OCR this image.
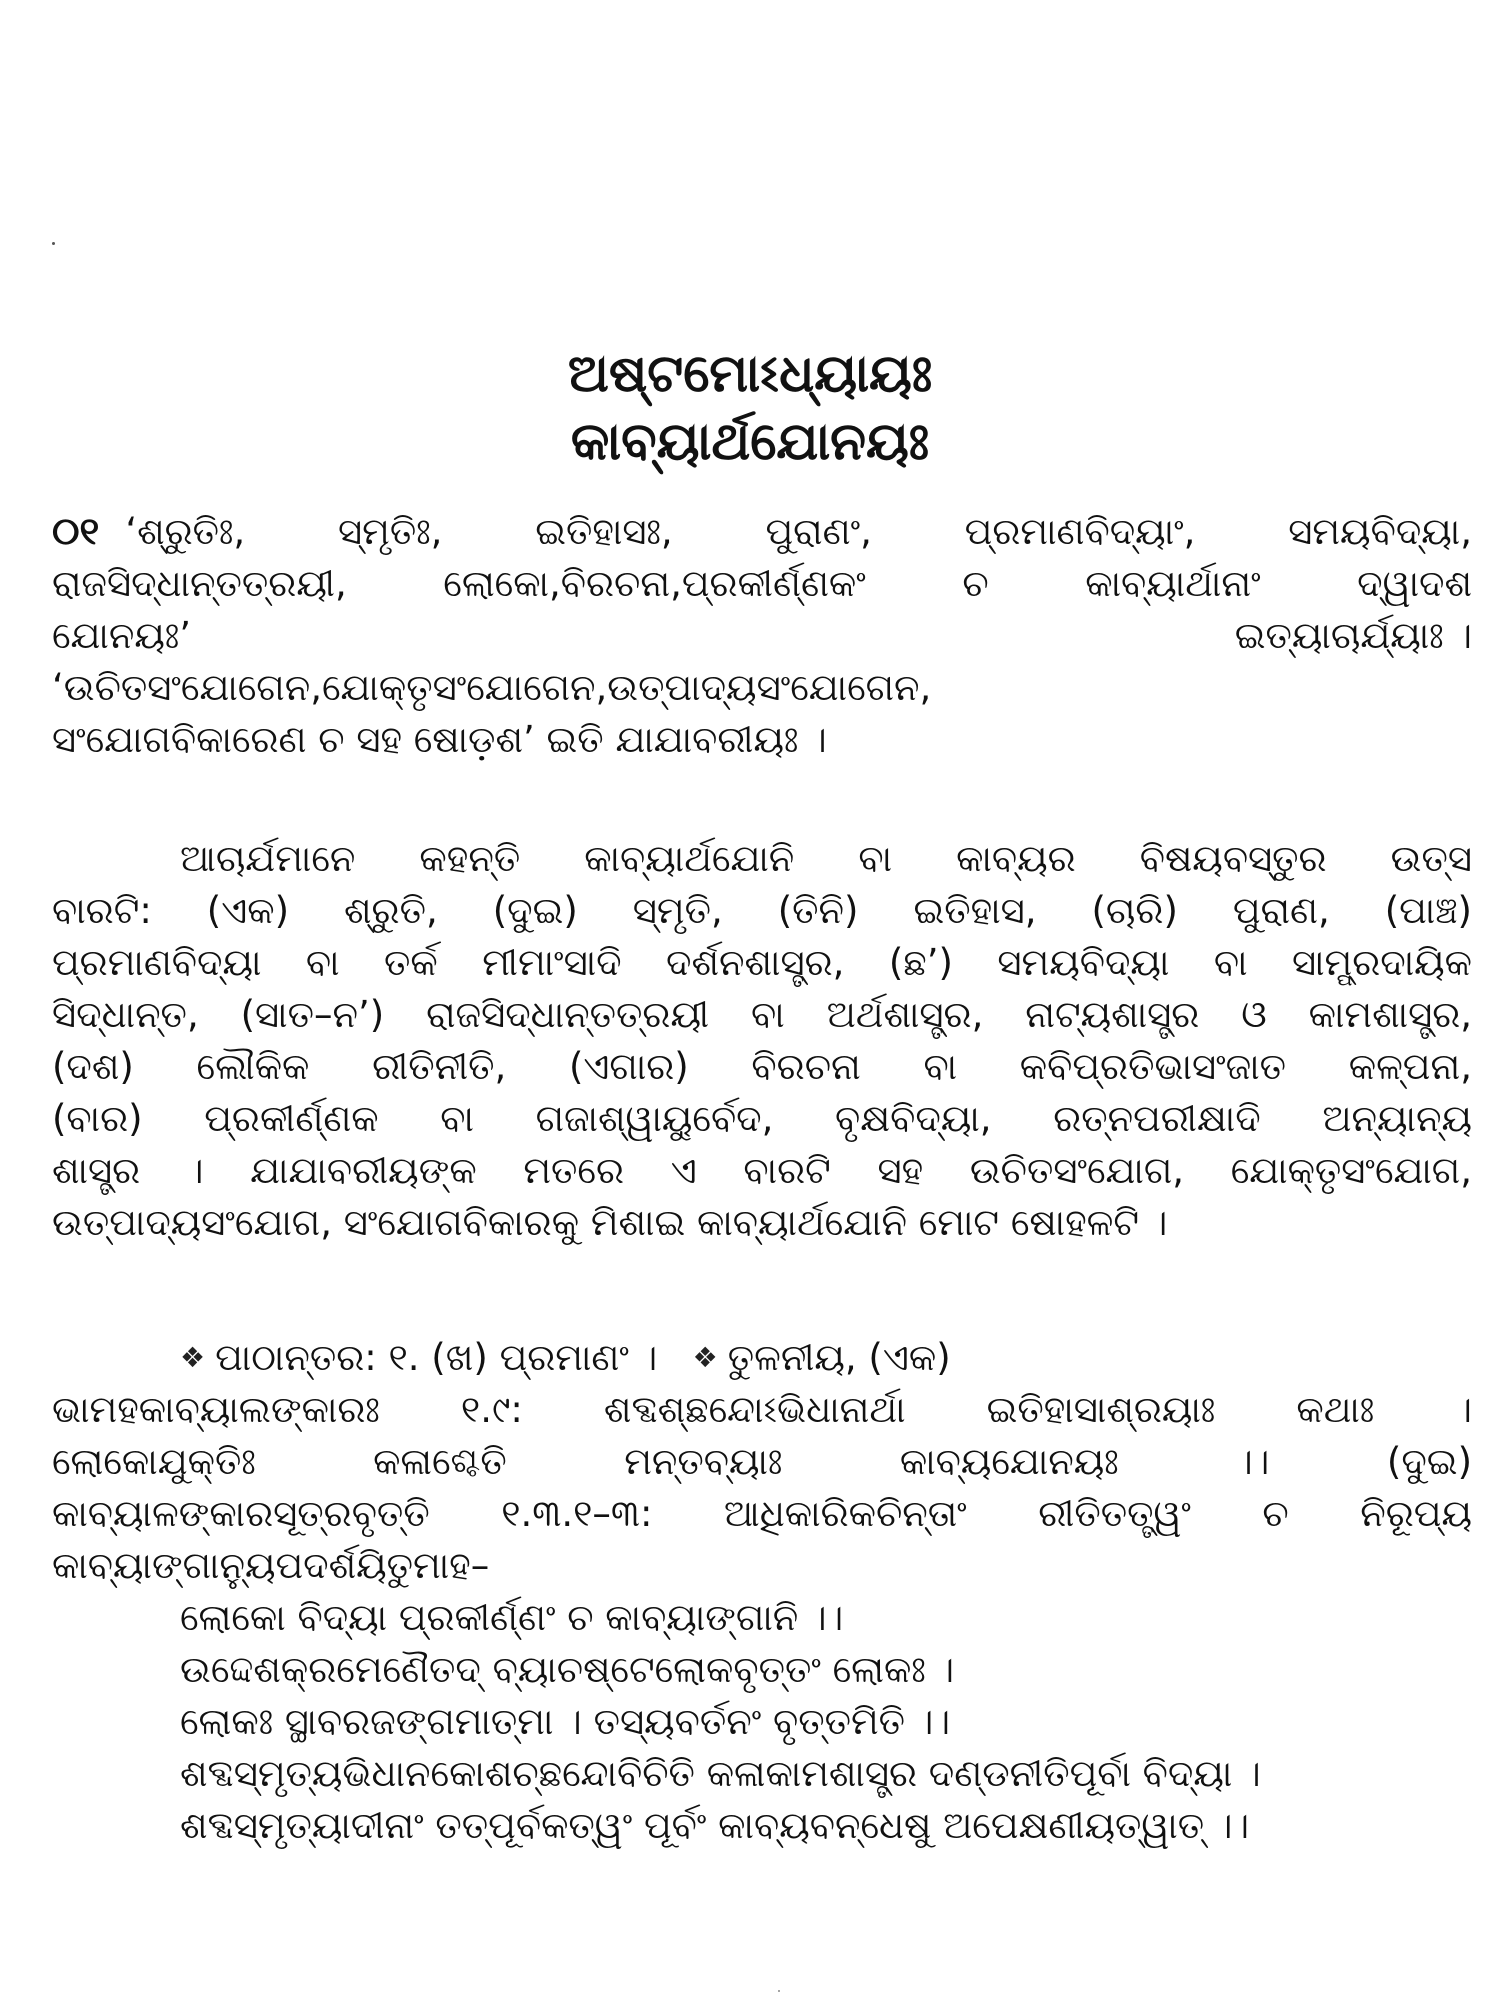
ଅଷ୍ଟମୋଽଧ୍ୟାୟଃ
କାବ୍ୟାର୍ଥଯୋନୟଃ
୦୧ ‘ଶ୍ରୁତିଃ, ସ୍ମୃତିଃ, ଇତିହାସଃ, ପୁରାଣଂ, ପ୍ରମାଣବିଦ୍ୟାଂ, ସମୟବିଦ୍ୟା,
ରାଜସିଦ୍ଧାନ୍ତତ୍ରୟୀ, ଲୋକୋ,ବିରଚନା,ପ୍ରକୀର୍ଣ୍ଣକଂ ଚ କାବ୍ୟାର୍ଥାନାଂ ଦ୍ୱାଦଶ
ଯୋନୟଃ’	ଇତ୍ୟାଚାର୍ଯ୍ୟାଃ ।
‘ଉଚିତସଂଯୋଗେନ,ଯୋକ୍ତୃସଂଯୋଗେନ,ଉତ୍ପାଦ୍ୟସଂଯୋଗେନ,
ସଂଯୋଗବିକାରେଣ ଚ ସହ ଷୋଡ଼ଶ’ ଇତି ଯାଯାବରୀୟଃ ।
ଆଚାର୍ଯମାନେ କହନ୍ତି କାବ୍ୟାର୍ଥଯୋନି ବା କାବ୍ୟର ବିଷୟବସ୍ତୁର ଉତ୍ସ
ବାରଟି: (ଏକ) ଶ୍ରୁତି, (ଦୁଇ) ସ୍ମୃତି, (ତିନି) ଇତିହାସ, (ଚାରି) ପୁରାଣ, (ପାଞ୍ଚ)
ପ୍ରମାଣବିଦ୍ୟା ବା ତର୍କ ମୀମାଂସାଦି ଦର୍ଶନଶାସ୍ତ୍ର, (ଛ’) ସମୟବିଦ୍ୟା ବା ସାମ୍ପ୍ରଦାୟିକ
ସିଦ୍ଧାନ୍ତ, (ସାତ–ନ’) ରାଜସିଦ୍ଧାନ୍ତତ୍ରୟୀ ବା ଅର୍ଥଶାସ୍ତ୍ର, ନାଟ୍ୟଶାସ୍ତ୍ର ଓ କାମଶାସ୍ତ୍ର,
(ଦଶ) ଲୌକିକ ରୀତିନୀତି, (ଏଗାର) ବିରଚନା ବା କବିପ୍ରତିଭାସଂଜାତ କଳ୍ପନା,
(ବାର) ପ୍ରକୀର୍ଣ୍ଣକ ବା ଗଜାଶ୍ୱାୟୁର୍ବେଦ, ବୃକ୍ଷବିଦ୍ୟା, ରତ୍ନପରୀକ୍ଷାଦି ଅନ୍ୟାନ୍ୟ
ଶାସ୍ତ୍ର । ଯାଯାବରୀୟଙ୍କ ମତରେ ଏ ବାରଟି ସହ ଉଚିତସଂଯୋଗ, ଯୋକ୍ତୃସଂଯୋଗ,
ଉତ୍ପାଦ୍ୟସଂଯୋଗ, ସଂଯୋଗବିକାରକୁ ମିଶାଇ କାବ୍ୟାର୍ଥଯୋନି ମୋଟ ଷୋହଳଟି ।
❖ ପାଠାନ୍ତର: ୧. (ଖ) ପ୍ରମାଣଂ । ❖ ତୁଳନୀୟ, (ଏକ)
ଭାମହକାବ୍ୟାଲଙ୍କାରଃ ୧.୯: ଶବ୍ଦଶ୍ଛନ୍ଦୋଽଭିଧାନାର୍ଥା ଇତିହାସାଶ୍ରୟାଃ କଥାଃ ।
ଲୋକୋଯୁକ୍ତିଃ କଳାଶ୍ଚେତି ମନ୍ତବ୍ୟାଃ କାବ୍ୟଯୋନୟଃ ।। (ଦୁଇ)
କାବ୍ୟାଳଙ୍କାରସୂତ୍ରବୃତ୍ତି ୧.୩.୧–୩: ଆଧିକାରିକଚିନ୍ତାଂ ରୀତିତତ୍ତ୍ୱଂ ଚ ନିରୂପ୍ୟ
କାବ୍ୟାଙ୍ଗାନ୍ୟୁପଦର୍ଶୟିତୁମାହ–
ଲୋକୋ ବିଦ୍ୟା ପ୍ରକୀର୍ଣ୍ଣଂ ଚ କାବ୍ୟାଙ୍ଗାନି ।।
ଉଦ୍ଦେଶକ୍ରମେଣୈତଦ୍ ବ୍ୟାଚଷ୍ଟେଲୋକବୃତ୍ତଂ ଲୋକଃ ।
ଲୋକଃ ସ୍ଥାବରଜଙ୍ଗମାତ୍ମା । ତସ୍ୟବର୍ତନଂ ବୃତ୍ତମିତି ।।
ଶବ୍ଦସ୍ମୃତ୍ୟଭିଧାନକୋଶଚ୍ଛନ୍ଦୋବିଚିତି କଳାକାମଶାସ୍ତ୍ର ଦଣ୍ଡନୀତିପୂର୍ବା ବିଦ୍ୟା ।
ଶବ୍ଦସ୍ମୃତ୍ୟାଦୀନାଂ ତତ୍ପୂର୍ବକତ୍ୱଂ ପୂର୍ବଂ କାବ୍ୟବନ୍ଧେଷୁ ଅପେକ୍ଷଣୀୟତ୍ୱାତ୍ ।।
